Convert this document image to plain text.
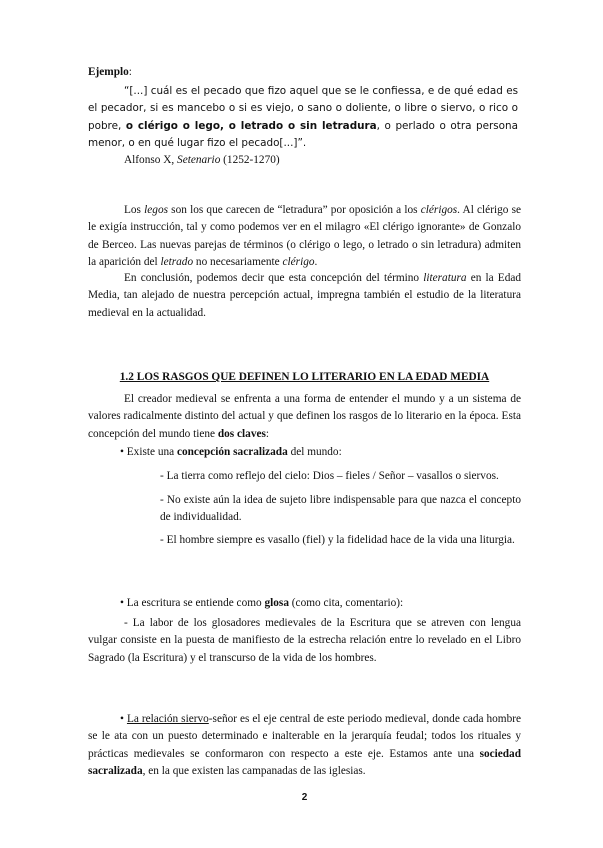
Ejemplo:

“[...] cuál es el pecado que fizo aquel que se le confiessa, e de qué edad es el pecador, si es mancebo o si es viejo, o sano o doliente, o libre o siervo, o rico o pobre, o clérigo o lego, o letrado o sin letradura, o perlado o otra persona menor, o en qué lugar fizo el pecado[...]”.

Alfonso X, Setenario (1252-1270)

Los legos son los que carecen de “letradura” por oposición a los clérigos. Al clérigo se le exigía instrucción, tal y como podemos ver en el milagro «El clérigo ignorante» de Gonzalo de Berceo. Las nuevas parejas de términos (o clérigo o lego, o letrado o sin letradura) admiten la aparición del letrado no necesariamente clérigo.

En conclusión, podemos decir que esta concepción del término literatura en la Edad Media, tan alejado de nuestra percepción actual, impregna también el estudio de la literatura medieval en la actualidad.

1.2 LOS RASGOS QUE DEFINEN LO LITERARIO EN LA EDAD MEDIA

El creador medieval se enfrenta a una forma de entender el mundo y a un sistema de valores radicalmente distinto del actual y que definen los rasgos de lo literario en la época. Esta concepción del mundo tiene dos claves:

• Existe una concepción sacralizada del mundo:

- La tierra como reflejo del cielo: Dios – fieles / Señor – vasallos o siervos.

- No existe aún la idea de sujeto libre indispensable para que nazca el concepto de individualidad.

- El hombre siempre es vasallo (fiel) y la fidelidad hace de la vida una liturgia.

• La escritura se entiende como glosa (como cita, comentario):

- La labor de los glosadores medievales de la Escritura que se atreven con lengua vulgar consiste en la puesta de manifiesto de la estrecha relación entre lo revelado en el Libro Sagrado (la Escritura) y el transcurso de la vida de los hombres.

• La relación siervo-señor es el eje central de este periodo medieval, donde cada hombre se le ata con un puesto determinado e inalterable en la jerarquía feudal; todos los rituales y prácticas medievales se conformaron con respecto a este eje. Estamos ante una sociedad sacralizada, en la que existen las campanadas de las iglesias.

2
